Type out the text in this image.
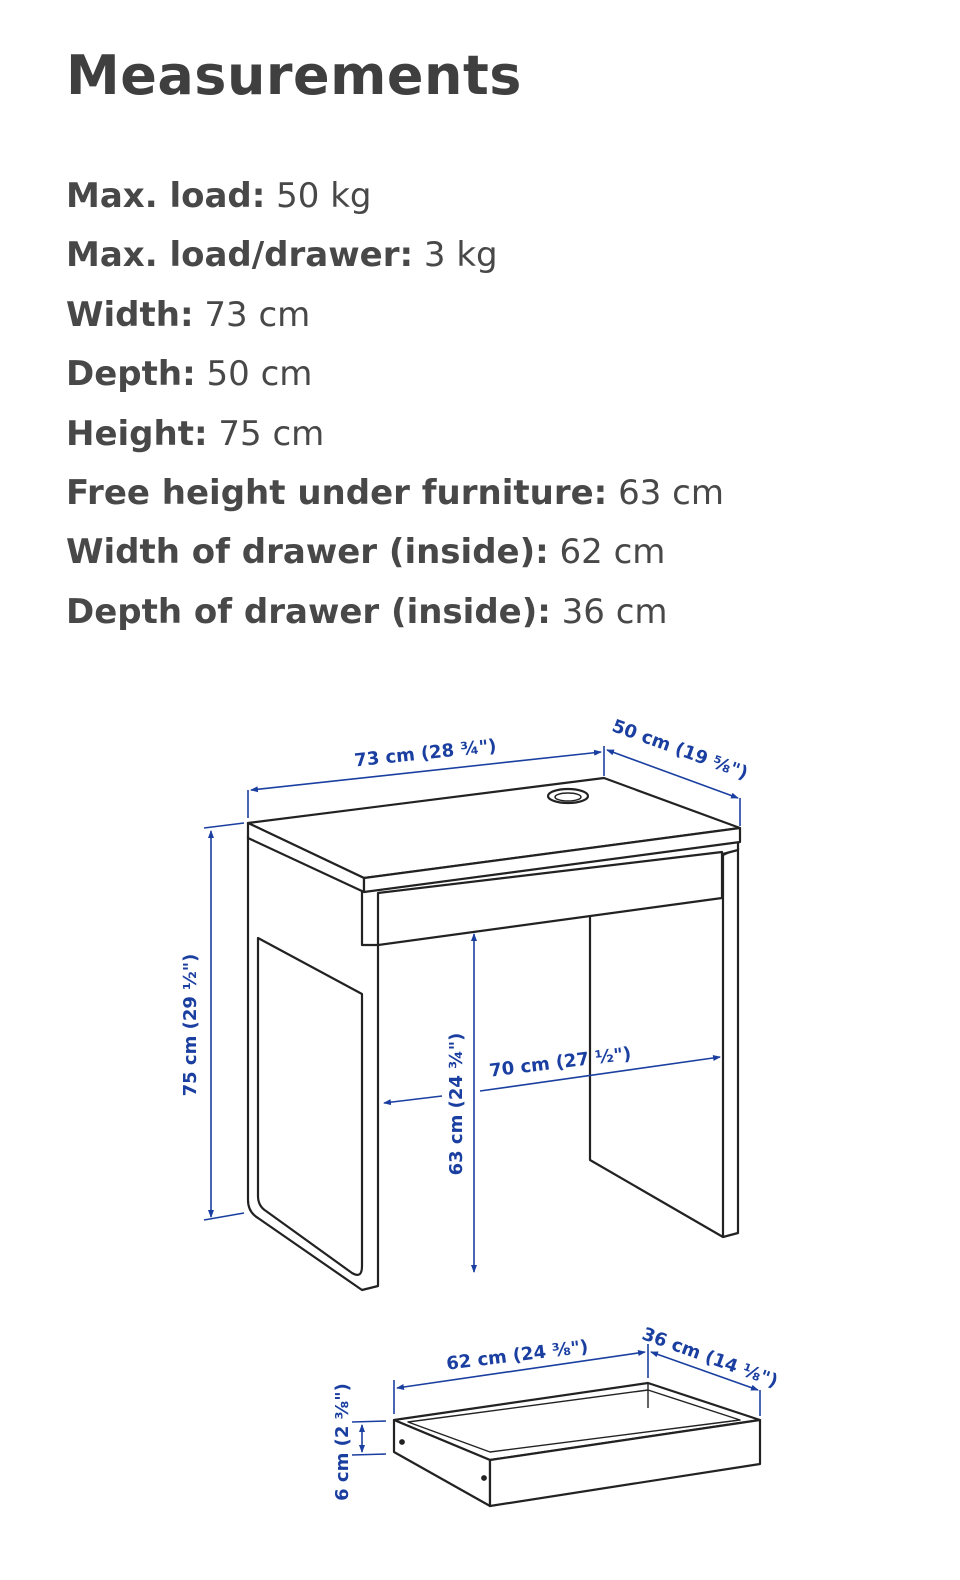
Measurements
Max. load: 50 kg
Max. load/drawer: 3 kg
Width: 73 cm
Depth: 50 cm
Height: 75 cm
Free height under furniture: 63 cm
Width of drawer (inside): 62 cm
Depth of drawer (inside): 36 cm
73 cm (28 ¾")	50 cm (19 ⅝")
75 cm (29 ½")
63 cm (24 ¾") 70 cm (27 ½")
62 cm (24 ⅜")	36 cm (14 ⅛")
6 cm (2 ⅜")
